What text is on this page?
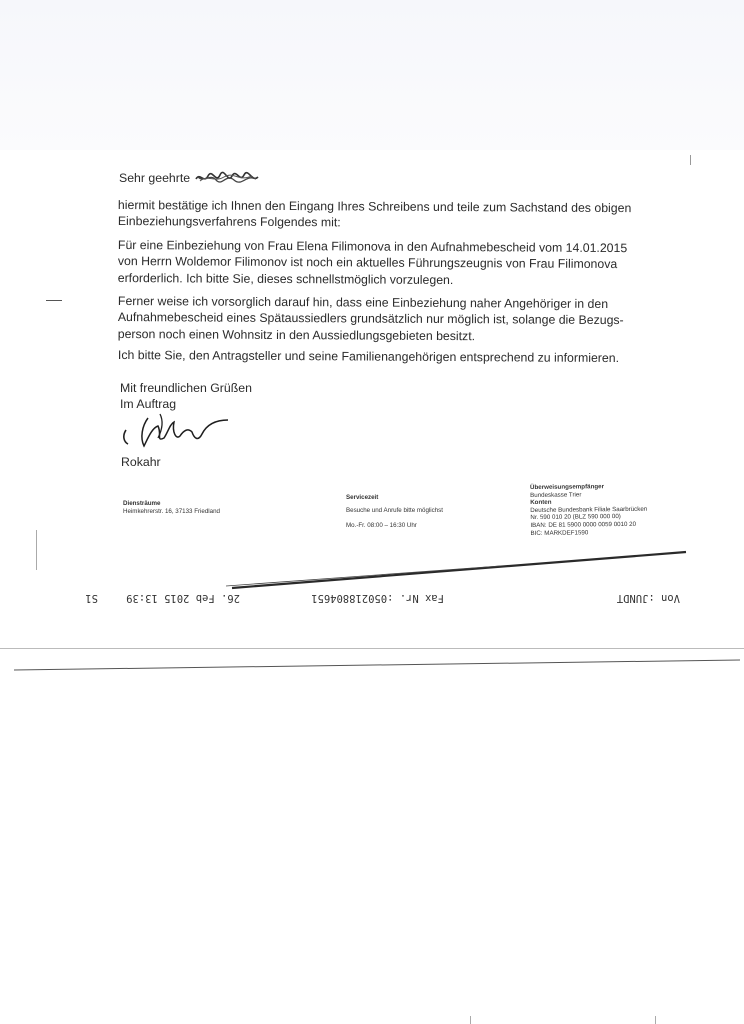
Sehr geehrte
hiermit bestätige ich Ihnen den Eingang Ihres Schreibens und teile zum Sachstand des obigen
Einbeziehungsverfahrens Folgendes mit:
Für eine Einbeziehung von Frau Elena Filimonova in den Aufnahmebescheid vom 14.01.2015
von Herrn Woldemor Filimonov ist noch ein aktuelles Führungszeugnis von Frau Filimonova
erforderlich. Ich bitte Sie, dieses schnellstmöglich vorzulegen.
Ferner weise ich vorsorglich darauf hin, dass eine Einbeziehung naher Angehöriger in den
Aufnahmebescheid eines Spätaussiedlers grundsätzlich nur möglich ist, solange die Bezugs-
person noch einen Wohnsitz in den Aussiedlungsgebieten besitzt.
Ich bitte Sie, den Antragsteller und seine Familienangehörigen entsprechend zu informieren.
Mit freundlichen Grüßen
Im Auftrag
Rokahr
Diensträume
Heimkehrerstr. 16, 37133 Friedland
Servicezeit
Besuche und Anrufe bitte möglichst
Mo.-Fr. 08:00 – 16:30 Uhr
Überweisungsempfänger
Bundeskasse Trier
Konten
Deutsche Bundesbank Filiale Saarbrücken
Nr. 590 010 20 (BLZ 590 000 00)
IBAN: DE 81 5900 0000 0059 0010 20
BIC: MARKDEF1590
Von :JUNDT
Fax Nr. :050218804651
26. Feb 2015 13:39
S1
